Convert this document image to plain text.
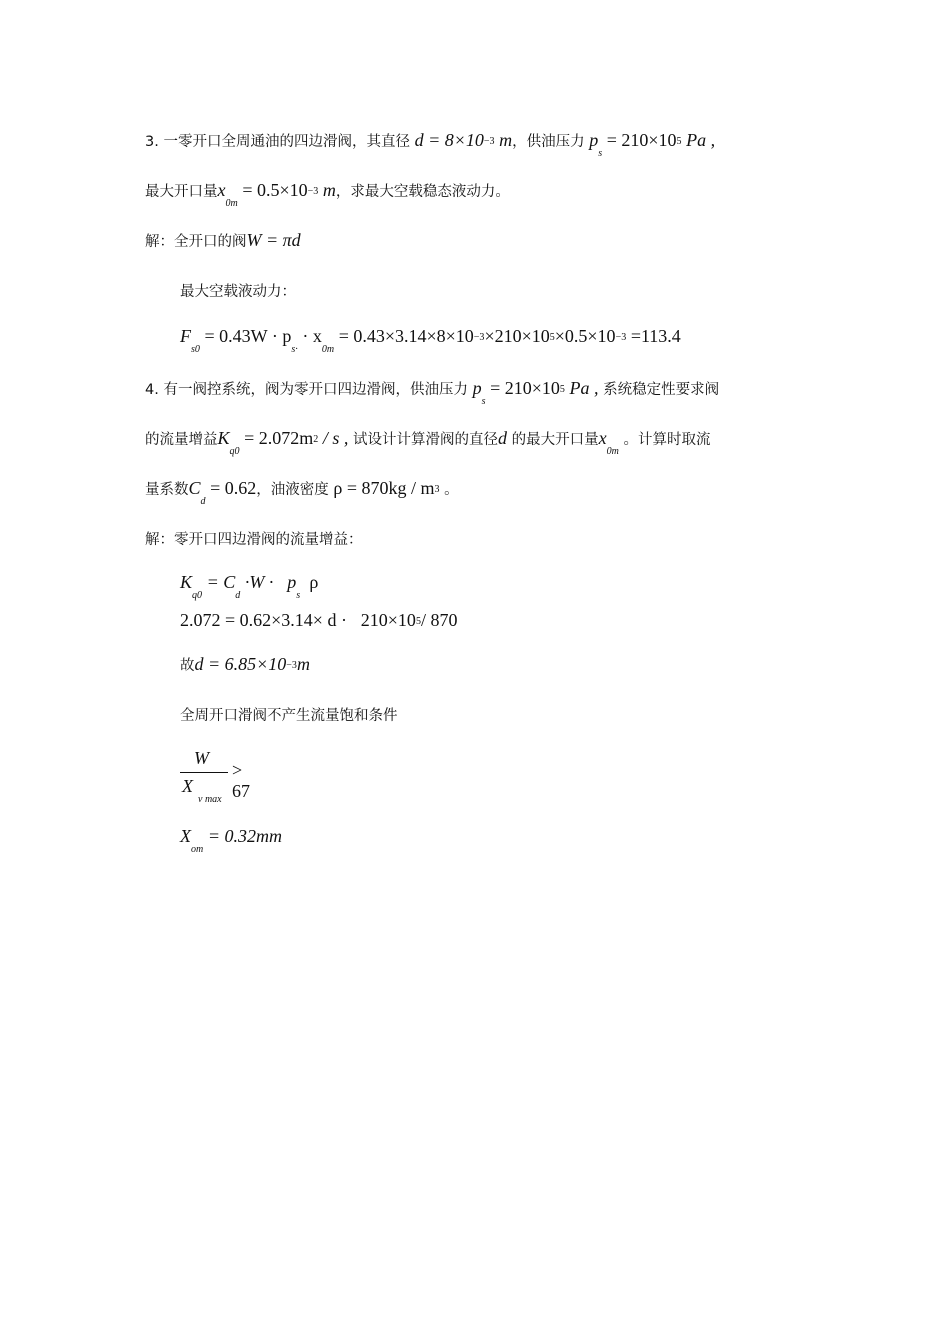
3. 一零开口全周通油的四边滑阀，其直径 d = 8×10−3 m，供油压力 $p_s = 210\times 105$ Pa ,
最大开口量$x_{0m} = 0.5\times 10-3$ m，求最大空载稳态液动力。
解：全开口的阀W = πd
最大空载液动力：
$F_{s0} = 0.43W \cdot p_{s\cdot} \cdot x_{0m} = 0.43\times 3.14\times 8\times 10-3\times 210\times 105\times 0.5\times 10-3 =113.4$
4. 有一阀控系统，阀为零开口四边滑阀，供油压力 $p_s = 210\times 105$ Pa , 系统稳定性要求阀
的流量增益$K_{q0} = 2.072m2 / s$ , 试设计计算滑阀的直径d 的最大开口量$x_{0m}$ 。计算时取流
量系数$C_d = 0.62$，油液密度 ρ = 870kg / m3 。
解：零开口四边滑阀的流量增益：
$K_{q0} = C_d \cdot W \cdot p_s$  ρ
2.072 = 0.62×3.14× d · 210×105/ 870
故d = 6.85×10−3m
全周开口滑阀不产生流量饱和条件
W
X
v max
> 67
$X_{om} = 0.32mm$
